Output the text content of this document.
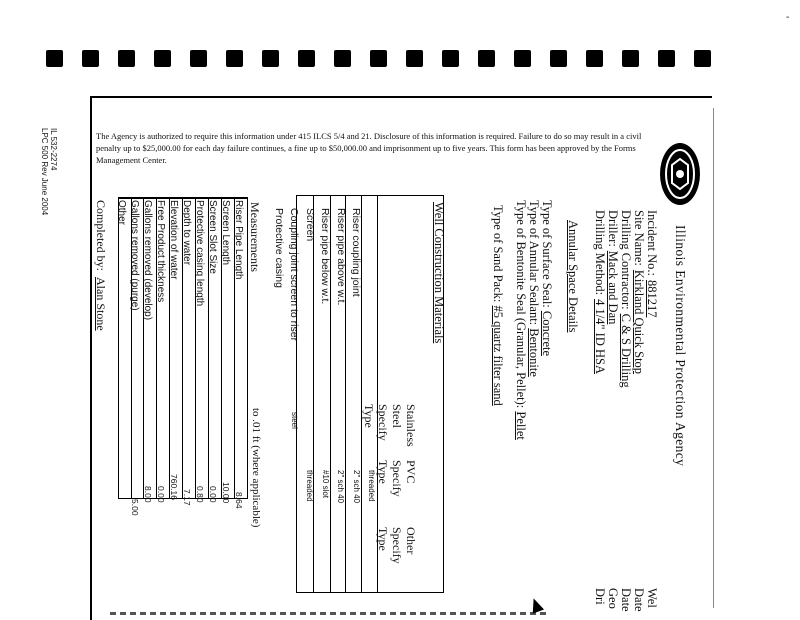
-
IL 532-2274
LPC 500 Rev June 2004	The Agency is authorized to require this information under 415 ILCS 5/4 and 21. Disclosure of this information is required. Failure to do so may result in a civil penalty up to $25,000.00 for each day failure continues, a fine up to $50,000.00 and imprisonment up to five years. This form has been approved by the Forms Management Center.
Illinois Environmental Protection Agency
Incident No.:881217
Site Name:Kirkland Quick Stop
Drilling Contractor:C & S Drilling
Driller:Mack and Dan
Drilling Method:4 1/4" ID HSA
Wel
Date
Date
Geo
Dri
Annular Space Details
Type of Surface Seal: Concrete
Type of Annular Sealant: Bentonite
Type of Bentonite Seal (Granular, Pellet): Pellet
Type of Sand Pack: #5 quartz filter sand
Well Construction Materials
Riser coupling joint
Riser pipe above w.t.
Riser pipe below w.t.
Screen
Coupling joint screen to riser
Protective casing
Stainless Steel Specify Type
PVC Specify Type
Other Specify Type
threaded
2" sch 40
2" sch 40
#10 slot
threaded
steel
Measurements
to .01 ft (where applicable)
Riser Pipe Length
Screen Length
Screen Slot Size
Protective casing length
Depth to water
Elevation of water
Free Product thickness
Gallons removed (develop)
Gallons removed (purge)
Other
8.64
10.00
0.00
0.80
7.17
760.16
0.00
8.00
5.00
Completed by:Alan Stone
